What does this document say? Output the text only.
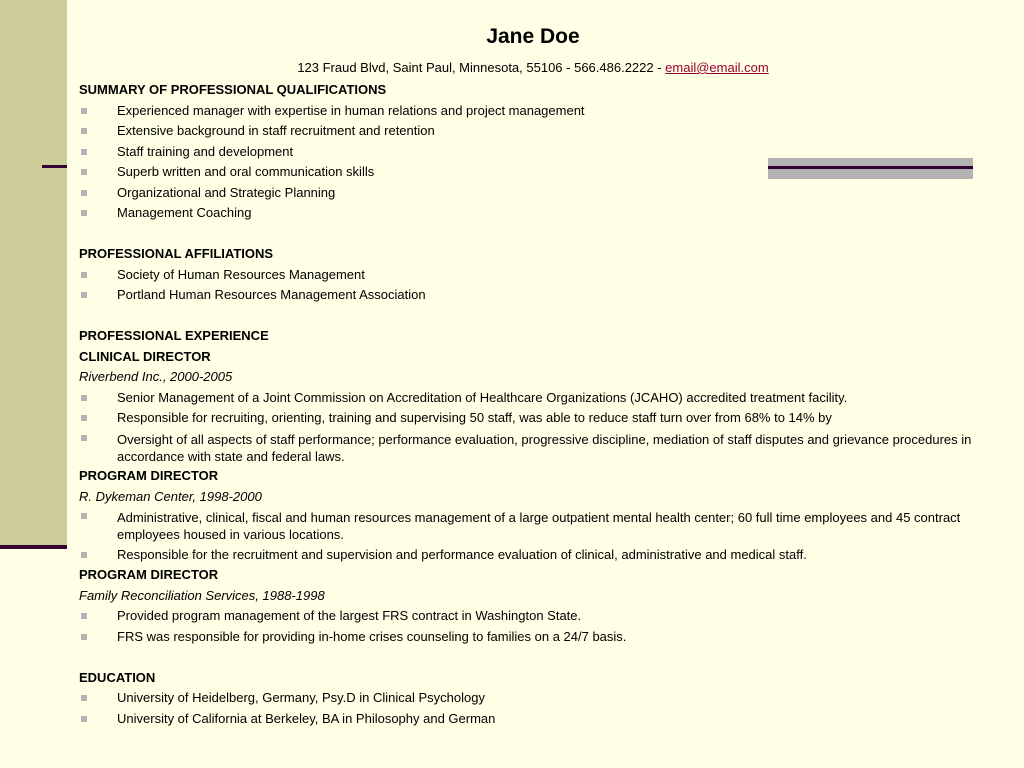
Jane Doe
123 Fraud Blvd, Saint Paul, Minnesota, 55106 - 566.486.2222 - email@email.com
SUMMARY OF PROFESSIONAL QUALIFICATIONS
Experienced manager with expertise in human relations and project management
Extensive background in staff recruitment and retention
Staff training and development
Superb written and oral communication skills
Organizational and Strategic Planning
Management Coaching
PROFESSIONAL AFFILIATIONS
Society of Human Resources Management
Portland Human Resources Management Association
PROFESSIONAL EXPERIENCE
CLINICAL DIRECTOR
Riverbend Inc., 2000-2005
Senior Management of a Joint Commission on Accreditation of Healthcare Organizations (JCAHO) accredited treatment facility.
Responsible for recruiting, orienting, training and supervising 50 staff, was able to reduce staff turn over from 68% to 14% by
Oversight of all aspects of staff performance; performance evaluation, progressive discipline, mediation of staff disputes and grievance procedures in accordance with state and federal laws.
PROGRAM DIRECTOR
R. Dykeman Center, 1998-2000
Administrative, clinical, fiscal and human resources management of a large outpatient mental health center; 60 full time employees and 45 contract employees housed in various locations.
Responsible for the recruitment and supervision and performance evaluation of clinical, administrative and medical staff.
PROGRAM DIRECTOR
Family Reconciliation Services, 1988-1998
Provided program management of the largest FRS contract in Washington State.
FRS was responsible for providing in-home crises counseling to families on a 24/7 basis.
EDUCATION
University of Heidelberg, Germany, Psy.D in Clinical Psychology
University of California at Berkeley, BA in Philosophy and German
